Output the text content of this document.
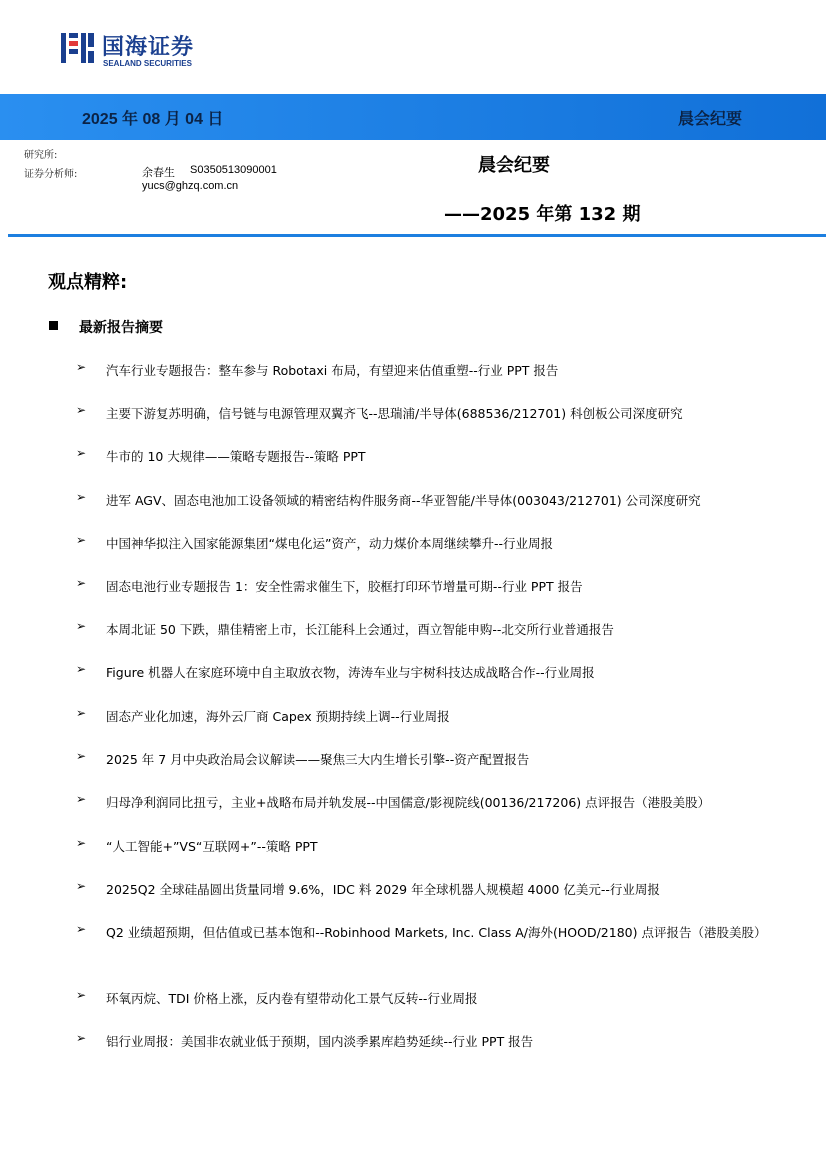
国海证券
SEALAND SECURITIES
2025 年 08 月 04 日	晨会纪要
研究所:
证券分析师:	余春生 S0350513090001
yucs@ghzq.com.cn
晨会纪要
——2025 年第 132 期
观点精粹:
最新报告摘要
➢ 汽车行业专题报告：整车参与 Robotaxi 布局，有望迎来估值重塑--行业 PPT 报告
➢ 主要下游复苏明确，信号链与电源管理双翼齐飞--思瑞浦/半导体(688536/212701) 科创板公司深度研究
➢ 牛市的 10 大规律——策略专题报告--策略 PPT
➢ 进军 AGV、固态电池加工设备领域的精密结构件服务商--华亚智能/半导体(003043/212701) 公司深度研究
➢ 中国神华拟注入国家能源集团“煤电化运”资产，动力煤价本周继续攀升--行业周报
➢ 固态电池行业专题报告 1：安全性需求催生下，胶框打印环节增量可期--行业 PPT 报告
➢ 本周北证 50 下跌，鼎佳精密上市，长江能科上会通过，酉立智能申购--北交所行业普通报告
➢ Figure 机器人在家庭环境中自主取放衣物，涛涛车业与宇树科技达成战略合作--行业周报
➢ 固态产业化加速，海外云厂商 Capex 预期持续上调--行业周报
➢ 2025 年 7 月中央政治局会议解读——聚焦三大内生增长引擎--资产配置报告
➢ 归母净利润同比扭亏，主业+战略布局并轨发展--中国儒意/影视院线(00136/217206) 点评报告（港股美股）
➢ “人工智能+”VS“互联网+”--策略 PPT
➢ 2025Q2 全球硅晶圆出货量同增 9.6%，IDC 料 2029 年全球机器人规模超 4000 亿美元--行业周报
➢ Q2 业绩超预期，但估值或已基本饱和--Robinhood Markets, Inc. Class A/海外(HOOD/2180) 点评报告（港股美股）
➢ 环氧丙烷、TDI 价格上涨，反内卷有望带动化工景气反转--行业周报
➢ 铝行业周报：美国非农就业低于预期，国内淡季累库趋势延续--行业 PPT 报告
